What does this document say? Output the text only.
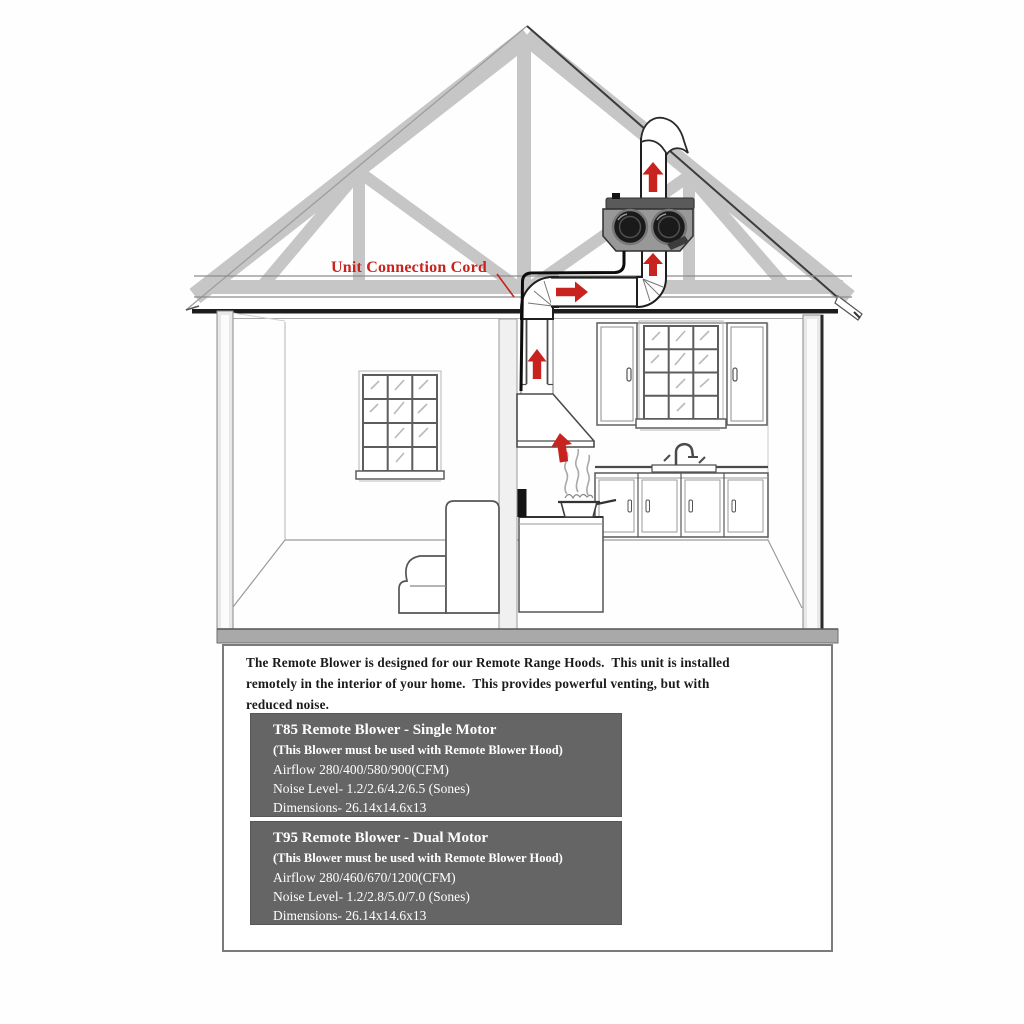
Unit Connection Cord
The Remote Blower is designed for our Remote Range Hoods.  This unit is installed
remotely in the interior of your home.  This provides powerful venting, but with
reduced noise.
T85 Remote Blower - Single Motor
(This Blower must be used with Remote Blower Hood)
Airflow 280/400/580/900(CFM)
Noise Level- 1.2/2.6/4.2/6.5 (Sones)
Dimensions- 26.14x14.6x13
T95 Remote Blower - Dual Motor
(This Blower must be used with Remote Blower Hood)
Airflow 280/460/670/1200(CFM)
Noise Level- 1.2/2.8/5.0/7.0 (Sones)
Dimensions- 26.14x14.6x13
